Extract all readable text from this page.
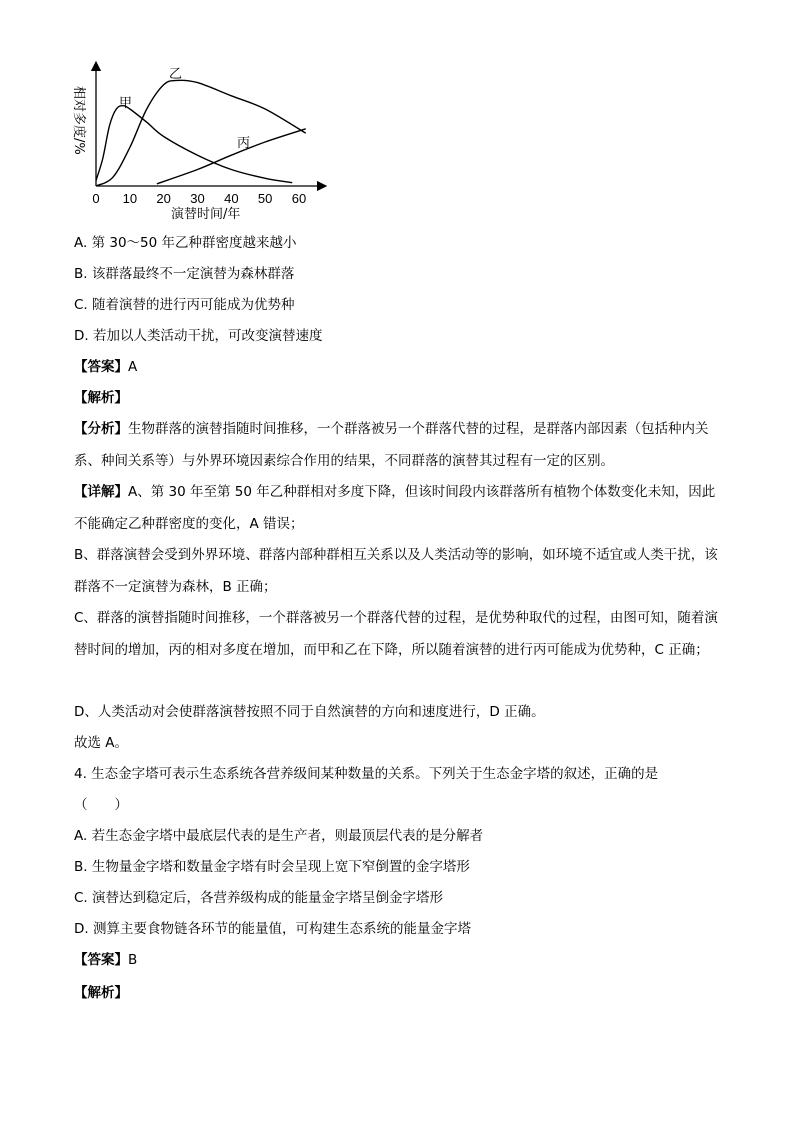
0 10 20 30 40 50 60
甲
乙
丙
相对多度/%
演替时间/年
A. 第 30～50 年乙种群密度越来越小
B. 该群落最终不一定演替为森林群落
C. 随着演替的进行丙可能成为优势种
D. 若加以人类活动干扰，可改变演替速度
【答案】A
【解析】
【分析】生物群落的演替指随时间推移，一个群落被另一个群落代替的过程，是群落内部因素（包括种内关系、种间关系等）与外界环境因素综合作用的结果，不同群落的演替其过程有一定的区别。
【详解】A、第 30 年至第 50 年乙种群相对多度下降，但该时间段内该群落所有植物个体数变化未知，因此不能确定乙种群密度的变化，A 错误；
B、群落演替会受到外界环境、群落内部种群相互关系以及人类活动等的影响，如环境不适宜或人类干扰，该群落不一定演替为森林，B 正确；
C、群落的演替指随时间推移，一个群落被另一个群落代替的过程，是优势种取代的过程，由图可知，随着演替时间的增加，丙的相对多度在增加，而甲和乙在下降，所以随着演替的进行丙可能成为优势种，C 正确；
D、人类活动对会使群落演替按照不同于自然演替的方向和速度进行，D 正确。
故选 A。
4. 生态金字塔可表示生态系统各营养级间某种数量的关系。下列关于生态金字塔的叙述，正确的是
（　　）
A. 若生态金字塔中最底层代表的是生产者，则最顶层代表的是分解者
B. 生物量金字塔和数量金字塔有时会呈现上宽下窄倒置的金字塔形
C. 演替达到稳定后，各营养级构成的能量金字塔呈倒金字塔形
D. 测算主要食物链各环节的能量值，可构建生态系统的能量金字塔
【答案】B
【解析】
